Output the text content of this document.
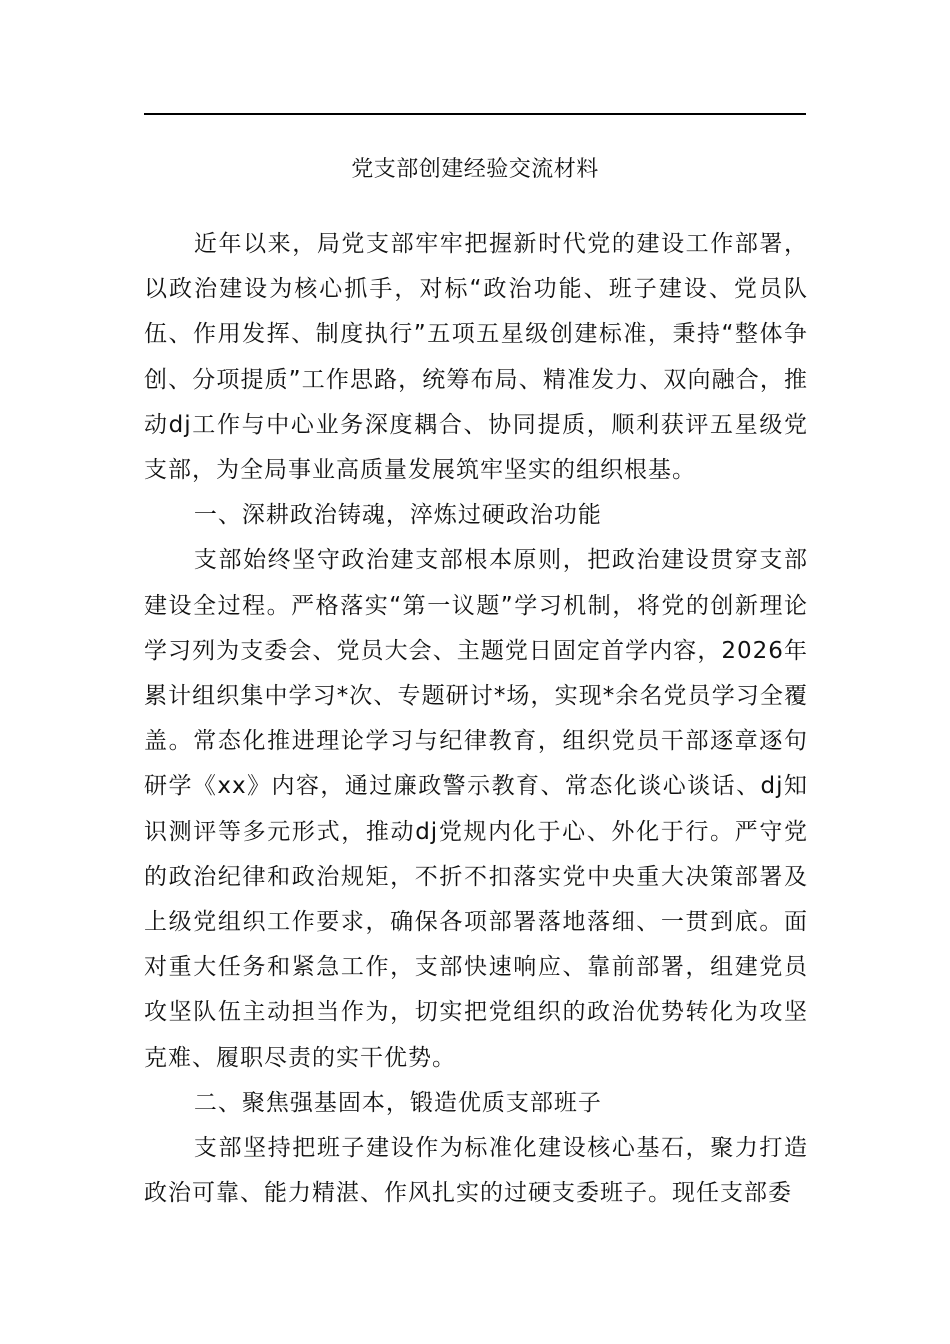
党支部创建经验交流材料

近年以来，局党支部牢牢把握新时代党的建设工作部署，以政治建设为核心抓手，对标“政治功能、班子建设、党员队伍、作用发挥、制度执行”五项五星级创建标准，秉持“整体争创、分项提质”工作思路，统筹布局、精准发力、双向融合，推动dj工作与中心业务深度耦合、协同提质，顺利获评五星级党支部，为全局事业高质量发展筑牢坚实的组织根基。

一、深耕政治铸魂，淬炼过硬政治功能

支部始终坚守政治建支部根本原则，把政治建设贯穿支部建设全过程。严格落实“第一议题”学习机制，将党的创新理论学习列为支委会、党员大会、主题党日固定首学内容，2026年累计组织集中学习*次、专题研讨*场，实现*余名党员学习全覆盖。常态化推进理论学习与纪律教育，组织党员干部逐章逐句研学《xx》内容，通过廉政警示教育、常态化谈心谈话、dj知识测评等多元形式，推动dj党规内化于心、外化于行。严守党的政治纪律和政治规矩，不折不扣落实党中央重大决策部署及上级党组织工作要求，确保各项部署落地落细、一贯到底。面对重大任务和紧急工作，支部快速响应、靠前部署，组建党员攻坚队伍主动担当作为，切实把党组织的政治优势转化为攻坚克难、履职尽责的实干优势。

二、聚焦强基固本，锻造优质支部班子

支部坚持把班子建设作为标准化建设核心基石，聚力打造政治可靠、能力精湛、作风扎实的过硬支委班子。现任支部委
